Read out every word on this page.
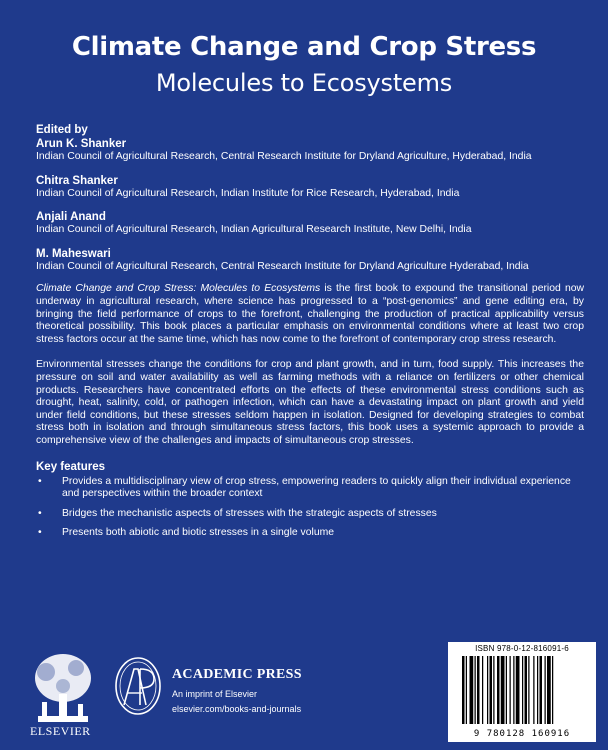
Climate Change and Crop Stress
Molecules to Ecosystems
Edited by
Arun K. Shanker
Indian Council of Agricultural Research, Central Research Institute for Dryland Agriculture, Hyderabad, India
Chitra Shanker
Indian Council of Agricultural Research, Indian Institute for Rice Research, Hyderabad, India
Anjali Anand
Indian Council of Agricultural Research, Indian Agricultural Research Institute, New Delhi, India
M. Maheswari
Indian Council of Agricultural Research, Central Research Institute for Dryland Agriculture Hyderabad, India
Climate Change and Crop Stress: Molecules to Ecosystems is the first book to expound the transitional period now underway in agricultural research, where science has progressed to a “post-genomics” and gene editing era, by bringing the field performance of crops to the forefront, challenging the production of practical applicability versus theoretical possibility. This book places a particular emphasis on environmental conditions where at least two crop stress factors occur at the same time, which has now come to the forefront of contemporary crop stress research.
Environmental stresses change the conditions for crop and plant growth, and in turn, food supply. This increases the pressure on soil and water availability as well as farming methods with a reliance on fertilizers or other chemical products. Researchers have concentrated efforts on the effects of these environmental stress conditions such as drought, heat, salinity, cold, or pathogen infection, which can have a devastating impact on plant growth and yield under field conditions, but these stresses seldom happen in isolation. Designed for developing strategies to combat stress both in isolation and through simultaneous stress factors, this book uses a systemic approach to provide a comprehensive view of the challenges and impacts of simultaneous crop stresses.
Key features
• Provides a multidisciplinary view of crop stress, empowering readers to quickly align their individual experience and perspectives within the broader context
• Bridges the mechanistic aspects of stresses with the strategic aspects of stresses
• Presents both abiotic and biotic stresses in a single volume
ELSEVIER
ACADEMIC PRESS
An imprint of Elsevier
elsevier.com/books-and-journals
ISBN 978-0-12-816091-6
9 780128 160916
